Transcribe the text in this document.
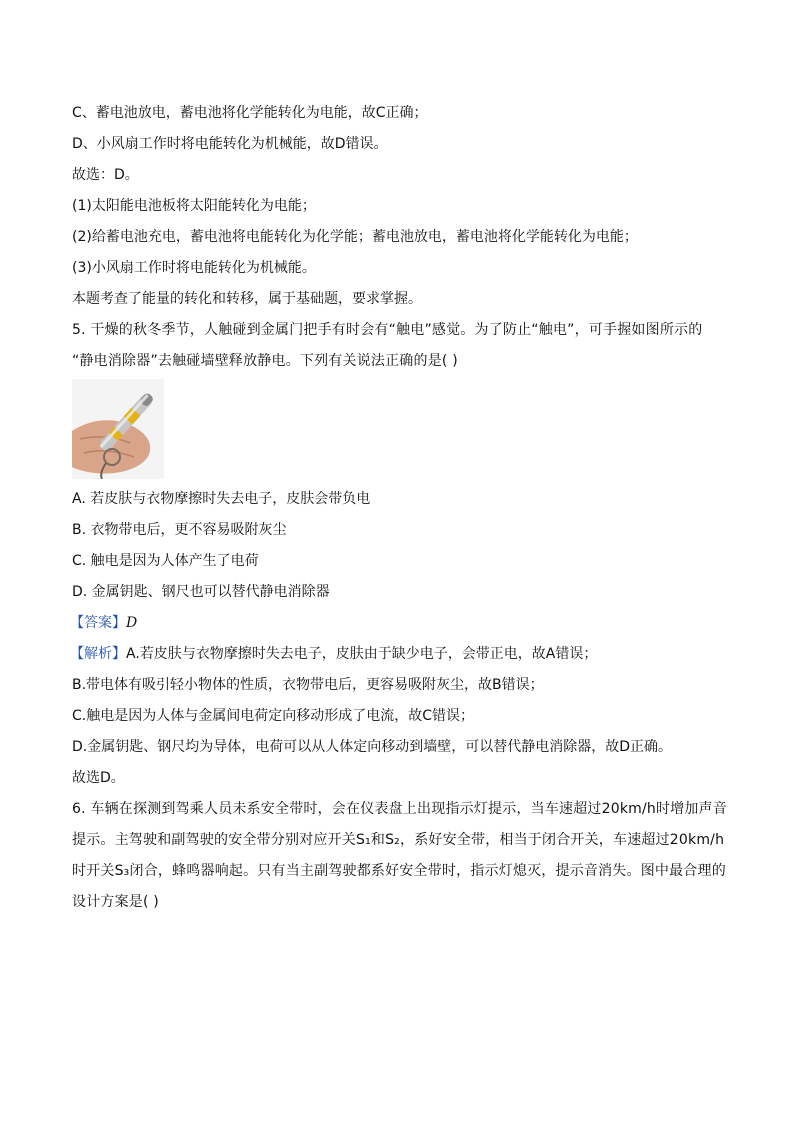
C、蓄电池放电，蓄电池将化学能转化为电能，故C正确；
D、小风扇工作时将电能转化为机械能，故D错误。
故选：D。
(1)太阳能电池板将太阳能转化为电能；
(2)给蓄电池充电，蓄电池将电能转化为化学能；蓄电池放电，蓄电池将化学能转化为电能；
(3)小风扇工作时将电能转化为机械能。
本题考查了能量的转化和转移，属于基础题，要求掌握。
5. 干燥的秋冬季节，人触碰到金属门把手有时会有“触电”感觉。为了防止“触电”，可手握如图所示的
“静电消除器”去触碰墙壁释放静电。下列有关说法正确的是( )
A. 若皮肤与衣物摩擦时失去电子，皮肤会带负电
B. 衣物带电后，更不容易吸附灰尘
C. 触电是因为人体产生了电荷
D. 金属钥匙、钢尺也可以替代静电消除器
【答案】D
【解析】A.若皮肤与衣物摩擦时失去电子，皮肤由于缺少电子，会带正电，故A错误；
B.带电体有吸引轻小物体的性质，衣物带电后，更容易吸附灰尘，故B错误；
C.触电是因为人体与金属间电荷定向移动形成了电流，故C错误；
D.金属钥匙、钢尺均为导体，电荷可以从人体定向移动到墙壁，可以替代静电消除器，故D正确。
故选D。
6. 车辆在探测到驾乘人员未系安全带时，会在仪表盘上出现指示灯提示，当车速超过20km/h时增加声音
提示。主驾驶和副驾驶的安全带分别对应开关S₁和S₂，系好安全带，相当于闭合开关，车速超过20km/h
时开关S₃闭合，蜂鸣器响起。只有当主副驾驶都系好安全带时，指示灯熄灭，提示音消失。图中最合理的
设计方案是( )
